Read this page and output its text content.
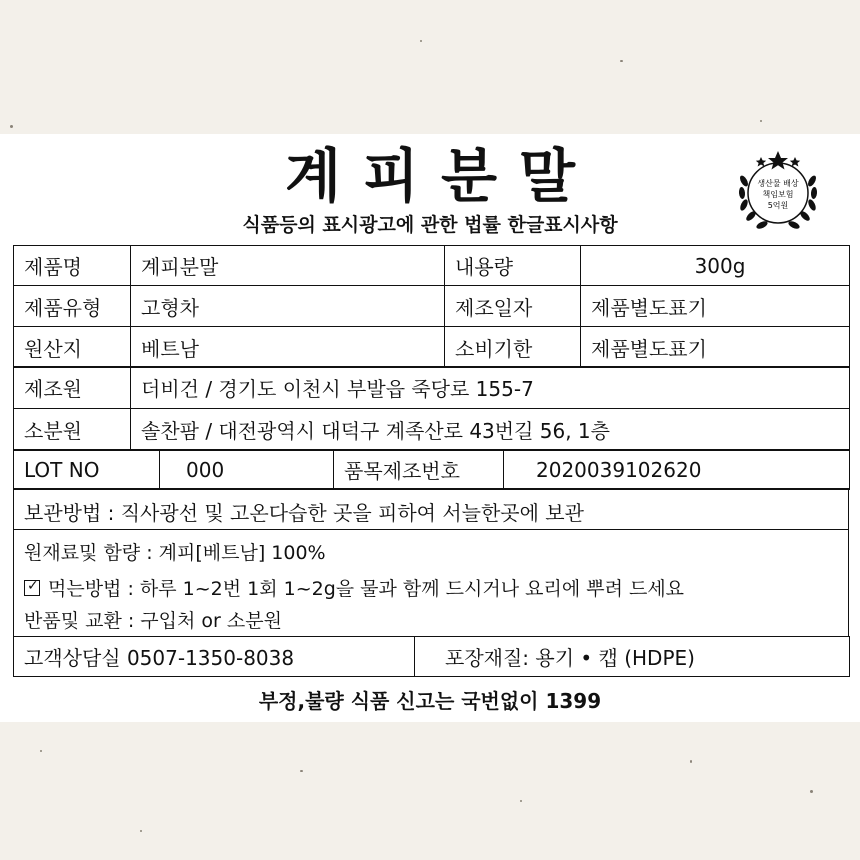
계피분말
식품등의 표시광고에 관한 법률 한글표시사항
생산물 배상
책임보험
5억원
제품명	계피분말	내용량	300g
제품유형	고형차	제조일자	제품별도표기
원산지	베트남	소비기한	제품별도표기
제조원	더비건 / 경기도 이천시 부발읍 죽당로 155-7
소분원	솔찬팜 / 대전광역시 대덕구 계족산로 43번길 56, 1층
LOT NO	000	품목제조번호	2020039102620
보관방법 : 직사광선 및 고온다습한 곳을 피하여 서늘한곳에 보관
원재료및 함량 : 계피[베트남] 100%
✓ 먹는방법 : 하루 1~2번 1회 1~2g을 물과 함께 드시거나 요리에 뿌려 드세요
반품및 교환 : 구입처 or 소분원
고객상담실 0507-1350-8038	포장재질: 용기 • 캡 (HDPE)
부정,불량 식품 신고는 국번없이 1399
